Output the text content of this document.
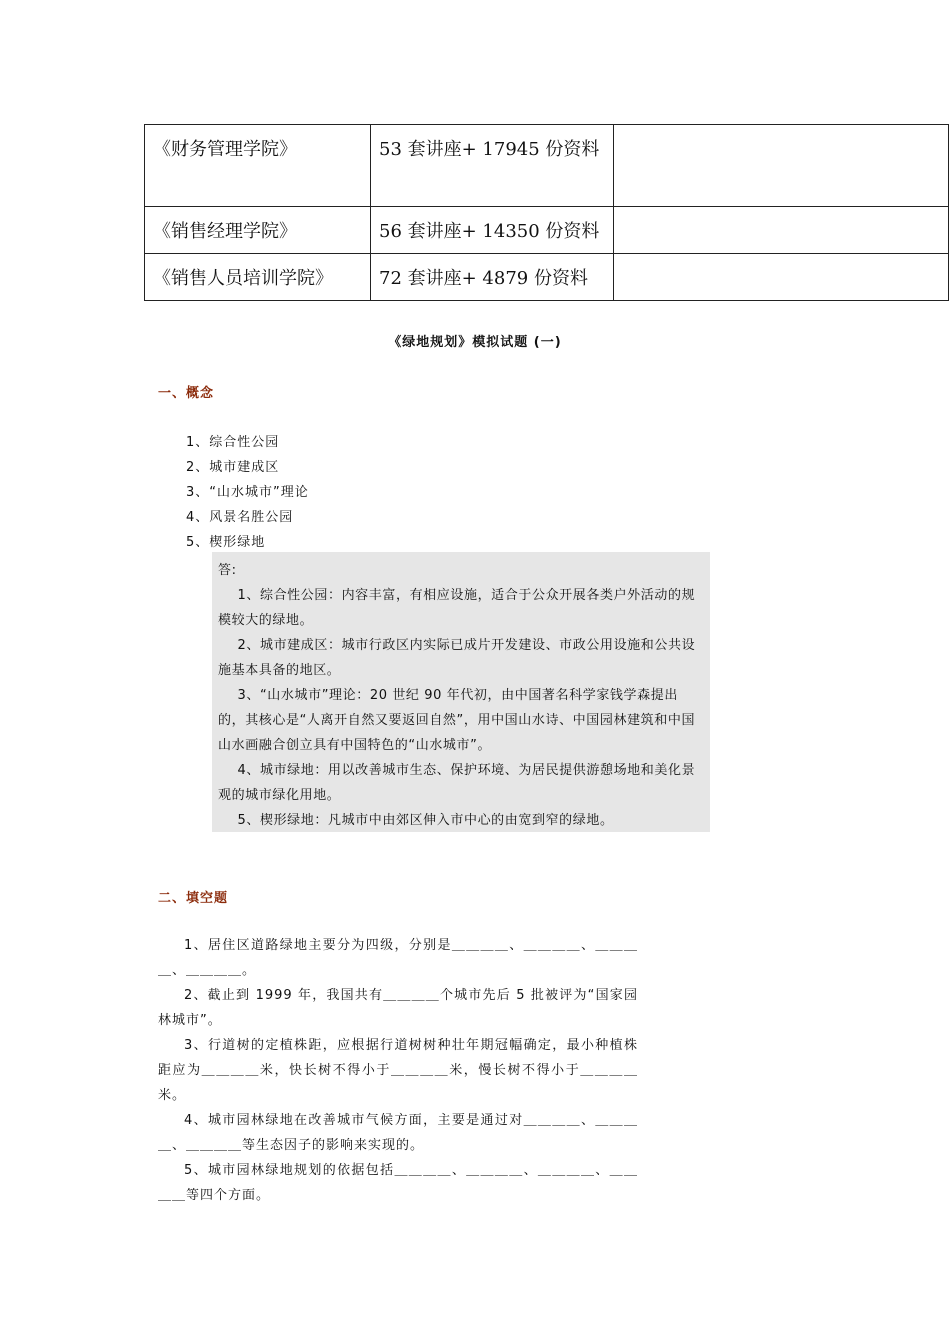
《财务管理学院》	53 套讲座+ 17945 份资料	
《销售经理学院》	56 套讲座+ 14350 份资料	
《销售人员培训学院》	72 套讲座+ 4879 份资料	
《绿地规划》模拟试题 (一)
一、概念
1、综合性公园
2、城市建成区
3、“山水城市”理论
4、风景名胜公园
5、楔形绿地

答:

1、综合性公园：内容丰富，有相应设施，适合于公众开展各类户外活动的规模较大的绿地。

2、城市建成区：城市行政区内实际已成片开发建设、市政公用设施和公共设施基本具备的地区。

3、“山水城市”理论：20 世纪 90 年代初，由中国著名科学家钱学森提出的，其核心是“人离开自然又要返回自然”，用中国山水诗、中国园林建筑和中国山水画融合创立具有中国特色的“山水城市”。

4、城市绿地：用以改善城市生态、保护环境、为居民提供游憩场地和美化景观的城市绿化用地。

5、楔形绿地：凡城市中由郊区伸入市中心的由宽到窄的绿地。

二、填空题

1、居住区道路绿地主要分为四级，分别是＿＿＿＿、＿＿＿＿、＿＿＿＿、＿＿＿＿。

2、截止到 1999 年，我国共有＿＿＿＿个城市先后 5 批被评为“国家园林城市”。

3、行道树的定植株距，应根据行道树树种壮年期冠幅确定，最小种植株距应为＿＿＿＿米，快长树不得小于＿＿＿＿米，慢长树不得小于＿＿＿＿米。

4、城市园林绿地在改善城市气候方面，主要是通过对＿＿＿＿、＿＿＿＿、＿＿＿＿等生态因子的影响来实现的。

5、城市园林绿地规划的依据包括＿＿＿＿、＿＿＿＿、＿＿＿＿、＿＿＿＿等四个方面。
